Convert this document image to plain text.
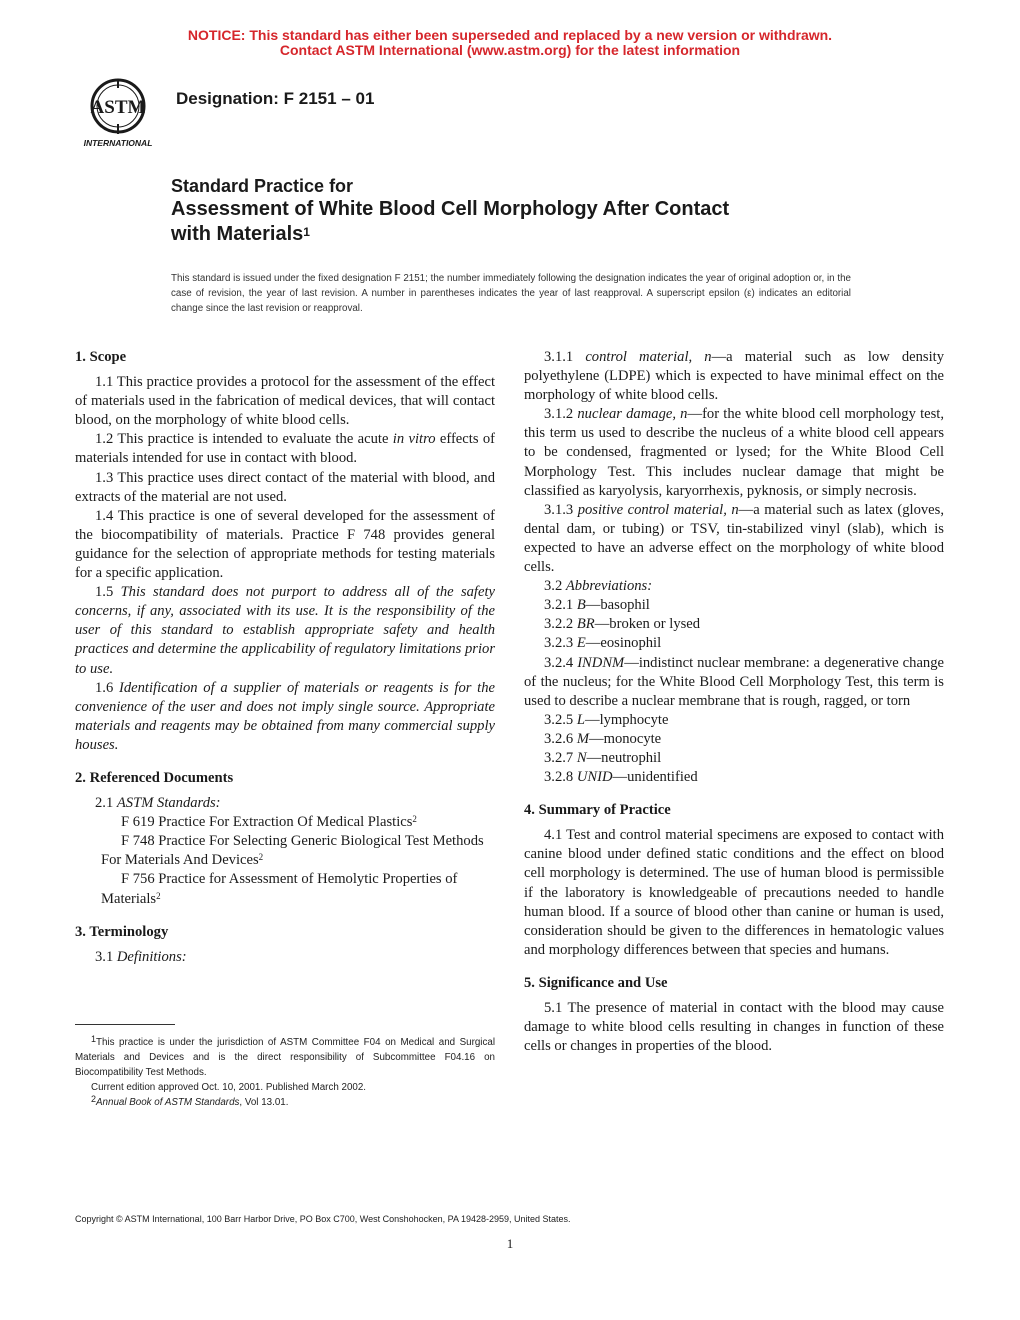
NOTICE: This standard has either been superseded and replaced by a new version or withdrawn.
Contact ASTM International (www.astm.org) for the latest information
ASTM
INTERNATIONAL
Designation: F 2151 – 01
Standard Practice for
Assessment of White Blood Cell Morphology After Contact
with Materials$^1$

This standard is issued under the fixed designation F 2151; the number immediately following the designation indicates the year of original adoption or, in the case of revision, the year of last revision. A number in parentheses indicates the year of last reapproval. A superscript epsilon (ε) indicates an editorial change since the last revision or reapproval.

1. Scope

1.1 This practice provides a protocol for the assessment of the effect of materials used in the fabrication of medical devices, that will contact blood, on the morphology of white blood cells.

1.2 This practice is intended to evaluate the acute in vitro effects of materials intended for use in contact with blood.

1.3 This practice uses direct contact of the material with blood, and extracts of the material are not used.

1.4 This practice is one of several developed for the assessment of the biocompatibility of materials. Practice F 748 provides general guidance for the selection of appropriate methods for testing materials for a specific application.

1.5 This standard does not purport to address all of the safety concerns, if any, associated with its use. It is the responsibility of the user of this standard to establish appropriate safety and health practices and determine the applicability of regulatory limitations prior to use.

1.6 Identification of a supplier of materials or reagents is for the convenience of the user and does not imply single source. Appropriate materials and reagents may be obtained from many commercial supply houses.

2. Referenced Documents

2.1 ASTM Standards:

F 619 Practice For Extraction Of Medical Plastics$^2$

F 748 Practice For Selecting Generic Biological Test Methods For Materials And Devices$^2$

F 756 Practice for Assessment of Hemolytic Properties of Materials$^2$

3. Terminology

3.1 Definitions:

3.1.1 control material, n—a material such as low density polyethylene (LDPE) which is expected to have minimal effect on the morphology of white blood cells.

3.1.2 nuclear damage, n—for the white blood cell morphology test, this term us used to describe the nucleus of a white blood cell appears to be condensed, fragmented or lysed; for the White Blood Cell Morphology Test. This includes nuclear damage that might be classified as karyolysis, karyorrhexis, pyknosis, or simply necrosis.

3.1.3 positive control material, n—a material such as latex (gloves, dental dam, or tubing) or TSV, tin-stabilized vinyl (slab), which is expected to have an adverse effect on the morphology of white blood cells.

3.2 Abbreviations:

3.2.1 B—basophil

3.2.2 BR—broken or lysed

3.2.3 E—eosinophil

3.2.4 INDNM—indistinct nuclear membrane: a degenerative change of the nucleus; for the White Blood Cell Morphology Test, this term is used to describe a nuclear membrane that is rough, ragged, or torn

3.2.5 L—lymphocyte

3.2.6 M—monocyte

3.2.7 N—neutrophil

3.2.8 UNID—unidentified

4. Summary of Practice

4.1 Test and control material specimens are exposed to contact with canine blood under defined static conditions and the effect on blood cell morphology is determined. The use of human blood is permissible if the laboratory is knowledgeable of precautions needed to handle human blood. If a source of blood other than canine or human is used, consideration should be given to the differences in hematologic values and morphology differences between that species and humans.

5. Significance and Use

5.1 The presence of material in contact with the blood may cause damage to white blood cells resulting in changes in function of these cells or changes in properties of the blood.

$^1$This practice is under the jurisdiction of ASTM Committee F04 on Medical and Surgical Materials and Devices and is the direct responsibility of Subcommittee F04.16 on Biocompatibility Test Methods.

Current edition approved Oct. 10, 2001. Published March 2002.

$^2$Annual Book of ASTM Standards, Vol 13.01.

Copyright © ASTM International, 100 Barr Harbor Drive, PO Box C700, West Conshohocken, PA 19428-2959, United States.
1
